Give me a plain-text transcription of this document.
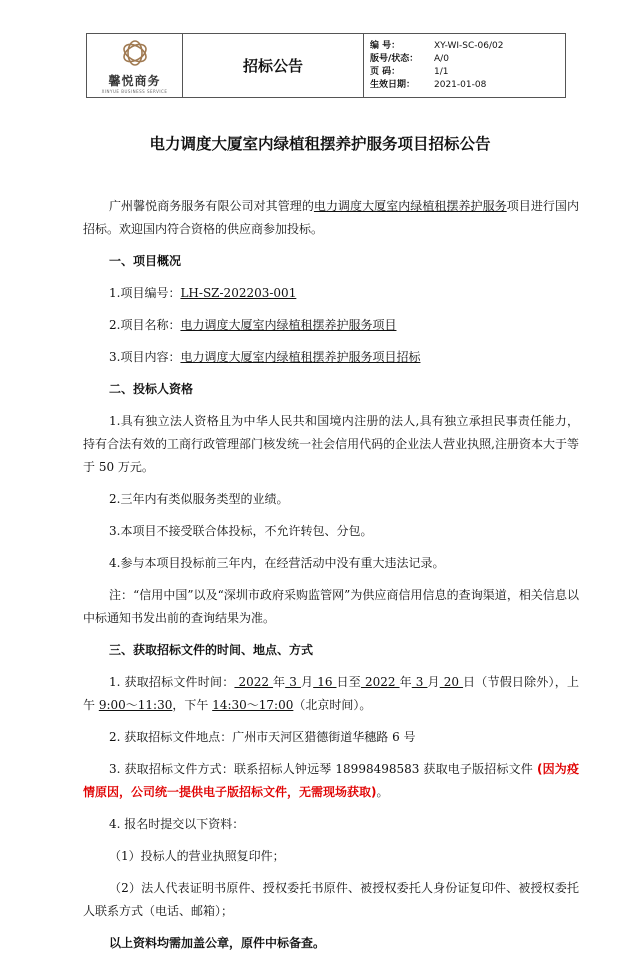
馨悦商务
XINYUE BUSINESS SERVICE
	招标公告	
编 号：	XY-WI-SC-06/02
版号/状态：	A/0
页 码：	1/1
生效日期：	2021-01-08
电力调度大厦室内绿植租摆养护服务项目招标公告

广州馨悦商务服务有限公司对其管理的电力调度大厦室内绿植租摆养护服务项目进行国内招标。欢迎国内符合资格的供应商参加投标。

一、项目概况

1.项目编号：LH-SZ-202203-001

2.项目名称：电力调度大厦室内绿植租摆养护服务项目

3.项目内容：电力调度大厦室内绿植租摆养护服务项目招标

二、投标人资格

1.具有独立法人资格且为中华人民共和国境内注册的法人,具有独立承担民事责任能力，持有合法有效的工商行政管理部门核发统一社会信用代码的企业法人营业执照,注册资本大于等于 50 万元。

2.三年内有类似服务类型的业绩。

3.本项目不接受联合体投标，不允许转包、分包。

4.参与本项目投标前三年内，在经营活动中没有重大违法记录。

注：“信用中国”以及“深圳市政府采购监管网”为供应商信用信息的查询渠道，相关信息以中标通知书发出前的查询结果为准。

三、获取招标文件的时间、地点、方式

1. 获取招标文件时间： 2022 年 3 月 16 日至 2022 年 3 月 20 日（节假日除外），上午 9:00～11:30，下午 14:30～17:00（北京时间）。

2. 获取招标文件地点：广州市天河区猎德街道华穗路 6 号

3. 获取招标文件方式：联系招标人钟远琴 18998498583 获取电子版招标文件 (因为疫情原因，公司统一提供电子版招标文件，无需现场获取)。

4. 报名时提交以下资料：

（1）投标人的营业执照复印件；

（2）法人代表证明书原件、授权委托书原件、被授权委托人身份证复印件、被授权委托人联系方式（电话、邮箱）；

以上资料均需加盖公章，原件中标备查。
